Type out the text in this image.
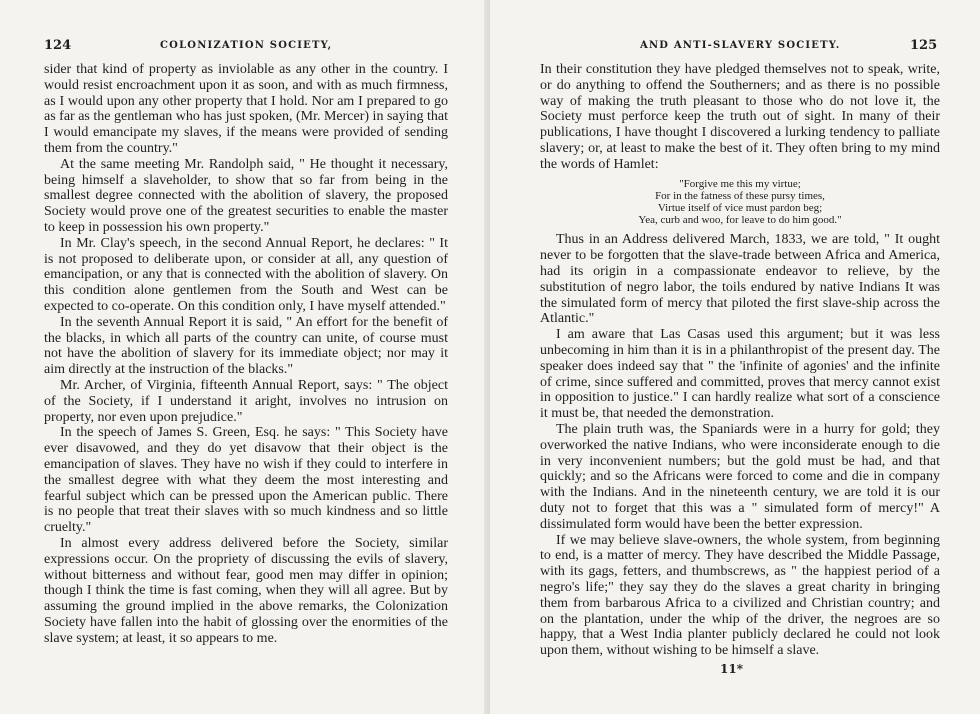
124	COLONIZATION SOCIETY,

sider that kind of property as inviolable as any other in the country. I would resist encroachment upon it as soon, and with as much firmness, as I would upon any other property that I hold. Nor am I prepared to go as far as the gentleman who has just spoken, (Mr. Mercer) in saying that I would emancipate my slaves, if the means were provided of sending them from the country."

At the same meeting Mr. Randolph said, " He thought it necessary, being himself a slaveholder, to show that so far from being in the smallest degree connected with the abolition of slavery, the proposed Society would prove one of the greatest securities to enable the master to keep in possession his own property."

In Mr. Clay's speech, in the second Annual Report, he declares: " It is not proposed to deliberate upon, or consider at all, any question of emancipation, or any that is connected with the abolition of slavery. On this condition alone gentlemen from the South and West can be expected to co-operate. On this condition only, I have myself attended."

In the seventh Annual Report it is said, " An effort for the benefit of the blacks, in which all parts of the country can unite, of course must not have the abolition of slavery for its immediate object; nor may it aim directly at the instruction of the blacks."

Mr. Archer, of Virginia, fifteenth Annual Report, says: " The object of the Society, if I understand it aright, involves no intrusion on property, nor even upon prejudice."

In the speech of James S. Green, Esq. he says: " This Society have ever disavowed, and they do yet disavow that their object is the emancipation of slaves. They have no wish if they could to interfere in the smallest degree with what they deem the most interesting and fearful subject which can be pressed upon the American public. There is no people that treat their slaves with so much kindness and so little cruelty."

In almost every address delivered before the Society, similar expressions occur. On the propriety of discussing the evils of slavery, without bitterness and without fear, good men may differ in opinion; though I think the time is fast coming, when they will all agree. But by assuming the ground implied in the above remarks, the Colonization Society have fallen into the habit of glossing over the enormities of the slave system; at least, it so appears to me.

AND ANTI-SLAVERY SOCIETY.	125

In their constitution they have pledged themselves not to speak, write, or do anything to offend the Southerners; and as there is no possible way of making the truth pleasant to those who do not love it, the Society must perforce keep the truth out of sight. In many of their publications, I have thought I discovered a lurking tendency to palliate slavery; or, at least to make the best of it. They often bring to my mind the words of Hamlet:

"Forgive me this my virtue;
For in the fatness of these pursy times,
Virtue itself of vice must pardon beg;
Yea, curb and woo, for leave to do him good."

Thus in an Address delivered March, 1833, we are told, " It ought never to be forgotten that the slave-trade between Africa and America, had its origin in a compassionate endeavor to relieve, by the substitution of negro labor, the toils endured by native Indians It was the simulated form of mercy that piloted the first slave-ship across the Atlantic."

I am aware that Las Casas used this argument; but it was less unbecoming in him than it is in a philanthropist of the present day. The speaker does indeed say that " the 'infinite of agonies' and the infinite of crime, since suffered and committed, proves that mercy cannot exist in opposition to justice." I can hardly realize what sort of a conscience it must be, that needed the demonstration.

The plain truth was, the Spaniards were in a hurry for gold; they overworked the native Indians, who were inconsiderate enough to die in very inconvenient numbers; but the gold must be had, and that quickly; and so the Africans were forced to come and die in company with the Indians. And in the nineteenth century, we are told it is our duty not to forget that this was a " simulated form of mercy!" A dissimulated form would have been the better expression.

If we may believe slave-owners, the whole system, from beginning to end, is a matter of mercy. They have described the Middle Passage, with its gags, fetters, and thumbscrews, as " the happiest period of a negro's life;" they say they do the slaves a great charity in bringing them from barbarous Africa to a civilized and Christian country; and on the plantation, under the whip of the driver, the negroes are so happy, that a West India planter publicly declared he could not look upon them, without wishing to be himself a slave.

11*
